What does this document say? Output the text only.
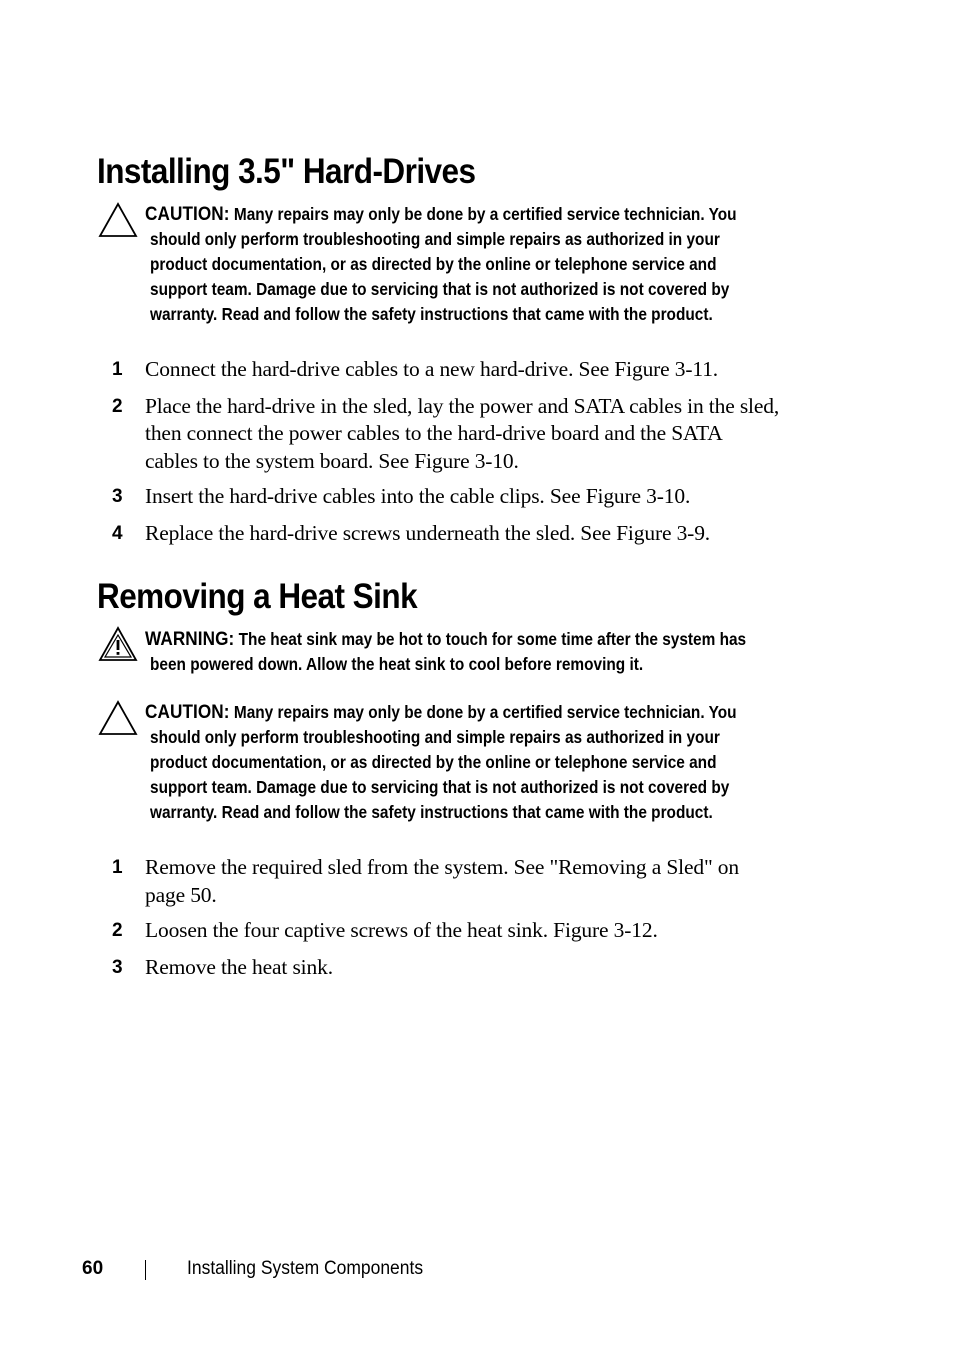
Installing 3.5" Hard-Drives
CAUTION: Many repairs may only be done by a certified service technician. You
should only perform troubleshooting and simple repairs as authorized in your
product documentation, or as directed by the online or telephone service and
support team. Damage due to servicing that is not authorized is not covered by
warranty. Read and follow the safety instructions that came with the product.
1 Connect the hard-drive cables to a new hard-drive. See Figure 3-11.
2 Place the hard-drive in the sled, lay the power and SATA cables in the sled,
then connect the power cables to the hard-drive board and the SATA
cables to the system board. See Figure 3-10.
3 Insert the hard-drive cables into the cable clips. See Figure 3-10.
4 Replace the hard-drive screws underneath the sled. See Figure 3-9.
Removing a Heat Sink
WARNING: The heat sink may be hot to touch for some time after the system has
been powered down. Allow the heat sink to cool before removing it.
CAUTION: Many repairs may only be done by a certified service technician. You
should only perform troubleshooting and simple repairs as authorized in your
product documentation, or as directed by the online or telephone service and
support team. Damage due to servicing that is not authorized is not covered by
warranty. Read and follow the safety instructions that came with the product.
1 Remove the required sled from the system. See "Removing a Sled" on
page 50.
2 Loosen the four captive screws of the heat sink. Figure 3-12.
3 Remove the heat sink.
60	Installing System Components
